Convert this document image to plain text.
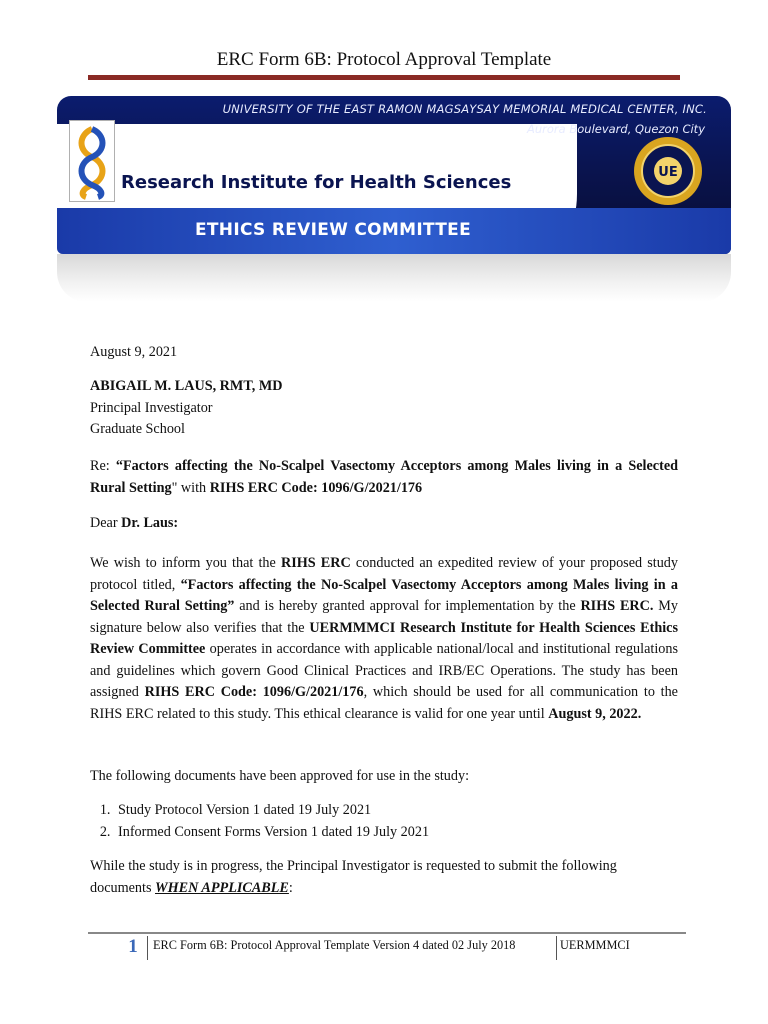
ERC Form 6B: Protocol Approval Template
UNIVERSITY OF THE EAST RAMON MAGSAYSAY MEMORIAL MEDICAL CENTER, INC.
Aurora Boulevard, Quezon City
Research Institute for Health Sciences
ETHICS REVIEW COMMITTEE
UE
August 9, 2021
ABIGAIL M. LAUS, RMT, MD
Principal Investigator
Graduate School

Re: “Factors affecting the No-Scalpel Vasectomy Acceptors among Males living in a Selected Rural Setting" with RIHS ERC Code: 1096/G/2021/176

Dear Dr. Laus:

We wish to inform you that the RIHS ERC conducted an expedited review of your proposed study protocol titled, “Factors affecting the No-Scalpel Vasectomy Acceptors among Males living in a Selected Rural Setting” and is hereby granted approval for implementation by the RIHS ERC. My signature below also verifies that the UERMMMCI Research Institute for Health Sciences Ethics Review Committee operates in accordance with applicable national/local and institutional regulations and guidelines which govern Good Clinical Practices and IRB/EC Operations. The study has been assigned RIHS ERC Code: 1096/G/2021/176, which should be used for all communication to the RIHS ERC related to this study. This ethical clearance is valid for one year until August 9, 2022.

The following documents have been approved for use in the study:

1. Study Protocol Version 1 dated 19 July 2021
2. Informed Consent Forms Version 1 dated 19 July 2021

While the study is in progress, the Principal Investigator is requested to submit the following documents WHEN APPLICABLE:

1	ERC Form 6B: Protocol Approval Template Version 4 dated 02 July 2018	UERMMMCI
